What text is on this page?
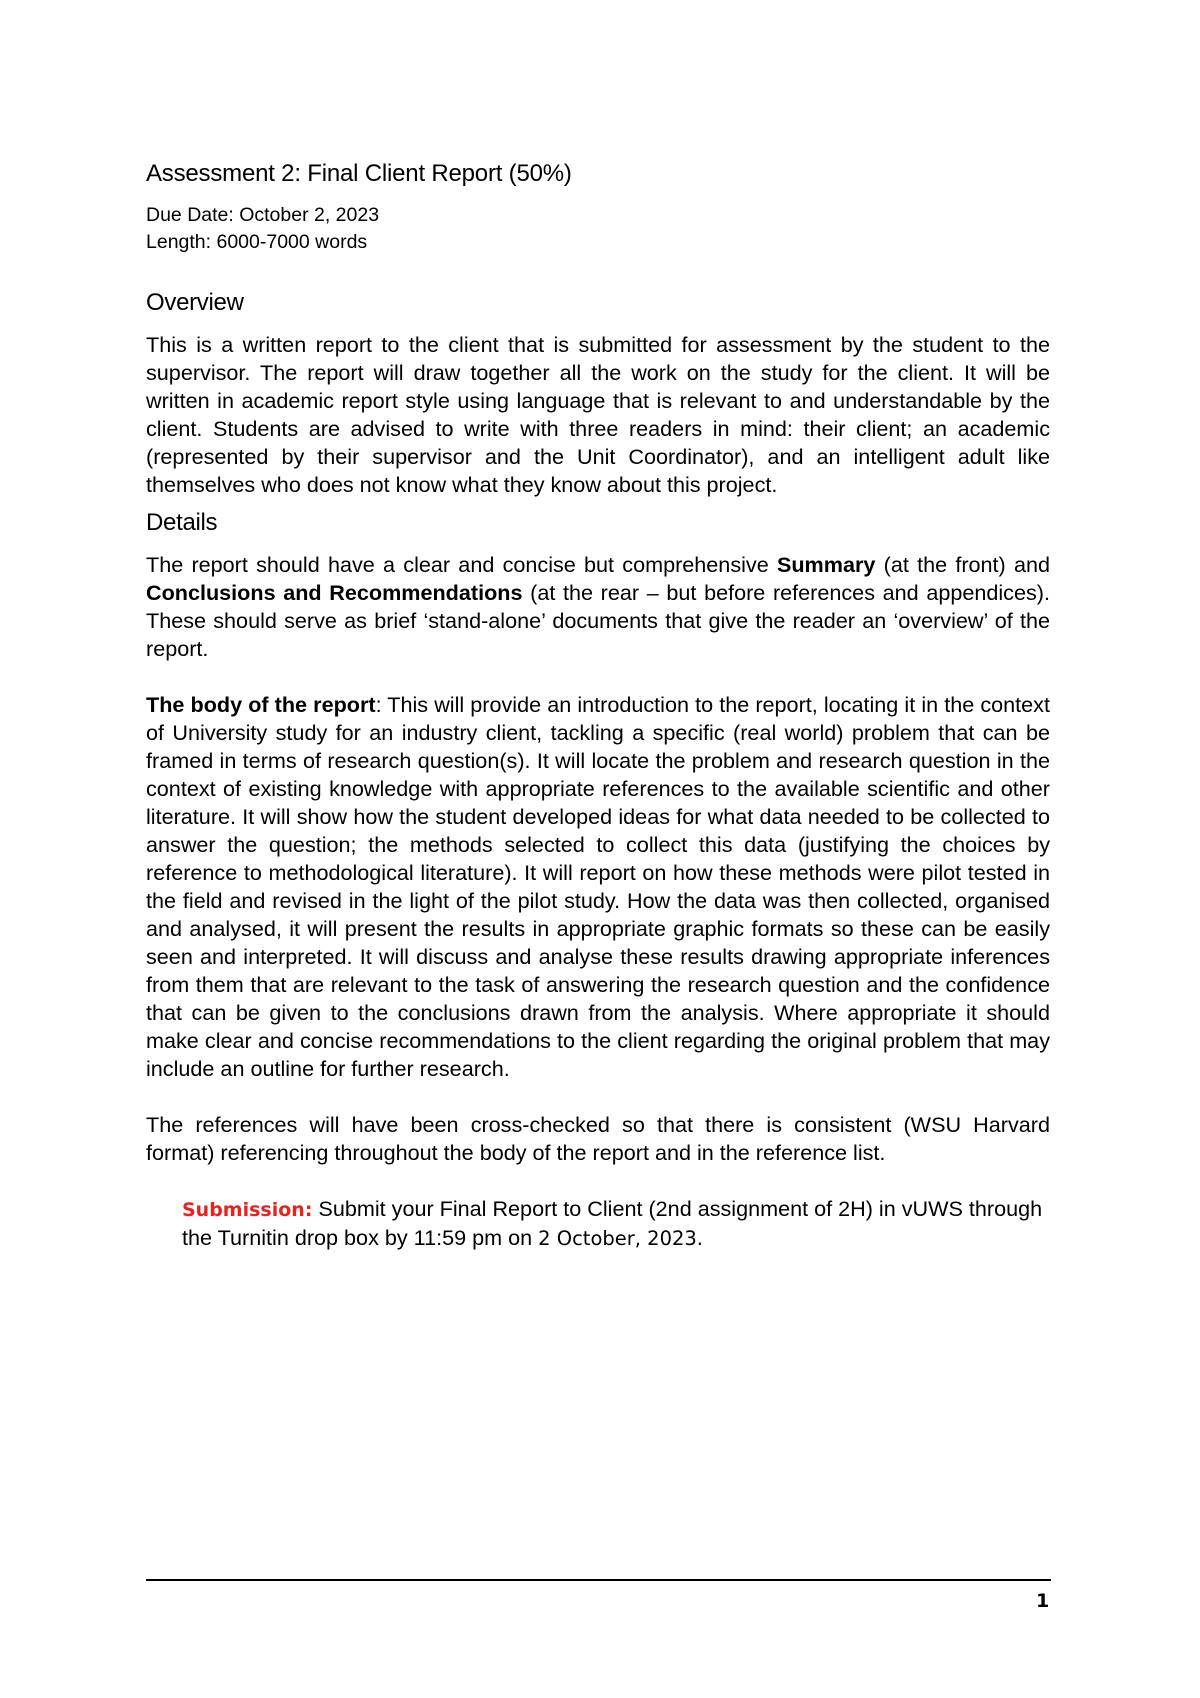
Assessment 2: Final Client Report (50%)

Due Date: October 2, 2023

Length: 6000-7000 words

Overview

This is a written report to the client that is submitted for assessment by the student to the supervisor. The report will draw together all the work on the study for the client. It will be written in academic report style using language that is relevant to and understandable by the client. Students are advised to write with three readers in mind: their client; an academic (represented by their supervisor and the Unit Coordinator), and an intelligent adult like themselves who does not know what they know about this project.

Details

The report should have a clear and concise but comprehensive Summary (at the front) and Conclusions and Recommendations (at the rear – but before references and appendices). These should serve as brief ‘stand-alone’ documents that give the reader an ‘overview’ of the report.

The body of the report: This will provide an introduction to the report, locating it in the context of University study for an industry client, tackling a specific (real world) problem that can be framed in terms of research question(s). It will locate the problem and research question in the context of existing knowledge with appropriate references to the available scientific and other literature. It will show how the student developed ideas for what data needed to be collected to answer the question; the methods selected to collect this data (justifying the choices by reference to methodological literature). It will report on how these methods were pilot tested in the field and revised in the light of the pilot study. How the data was then collected, organised and analysed, it will present the results in appropriate graphic formats so these can be easily seen and interpreted. It will discuss and analyse these results drawing appropriate inferences from them that are relevant to the task of answering the research question and the confidence that can be given to the conclusions drawn from the analysis. Where appropriate it should make clear and concise recommendations to the client regarding the original problem that may include an outline for further research.

The references will have been cross-checked so that there is consistent (WSU Harvard format) referencing throughout the body of the report and in the reference list.

Submission: Submit your Final Report to Client (2nd assignment of 2H) in vUWS through the Turnitin drop box by 11:59 pm on 2 October, 2023.

1
